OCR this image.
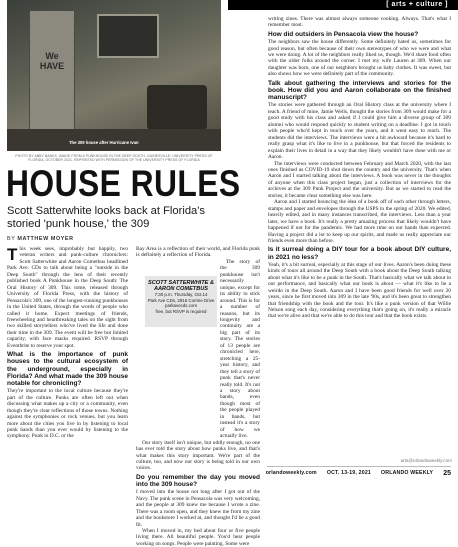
[ arts + culture ]
We
HAVE
The 309 house after Hurricane Ivan
PHOTO BY ABBY BANKS, IMAGE FROM A PUNKHOUSE IN THE DEEP SOUTH, GAINESVILLE: UNIVERSITY PRESS OF FLORIDA, OCTOBER 2021. REPRINTED WITH PERMISSION OF THE UNIVERSITY PRESS OF FLORIDA
HOUSE RULES
Scott Satterwhite looks back at Florida's storied 'punk house,' the 309
BY MATTHEW MOYER

This week sees, improbably but happily, two veteran writers and punk-culture chroniclers: Scott Satterwhite and Aaron Cometbus headlined Park Ave. CDs to talk about being a "outside in the Deep South" through the lens of their recently published book A Punkhouse in the Deep South: The Oral History of 309. This tome, released through University of Florida Press, with the history of Pensacola's 309, one of the longest-running punkhouses in the United States, through the words of people who called it home. Expect meetings of friends, freewheeling and heartbreaking tales on the sight from two skilled storytellers who've lived the life and done their time in the 309. The event will be free but limited capacity, with face masks required. RSVP through Eventbrite to reserve your spot.

What is the importance of punk houses to the cultural ecosystem of the underground, especially in Florida? And what made the 309 house notable for chronicling?

They're important to the local culture because they're part of the culture. Punks are often left out when discussing what makes up a city or a community, even though they're clear reflections of those towns. Nothing against the symphonies or rock venues, but you learn more about the cities you live in by listening to local punk bands than you ever would by listening to the symphony. Punk in D.C. or the

Bay Area is a reflection of their world, and Florida punk is definitely a reflection of Florida.

The story of the 309 punkhouse isn't necessarily unique, except for its ability to stick around. This is for a number of reasons, but its longevity and continuity are a big part of its story. The stories of 13 people are chronicled here, stretching a 25-year history, and they tell a story of punk that's never really told. It's not a story about bands, even though most of the people played in bands, but instead it's a story of how we actually live.

Our story itself isn't unique, but oddly enough, no one has ever told the story about how punks live, and that's what makes this story important. We're part of the culture, too, and now our story is being told in our own voices.

Do you remember the day you moved into the 309 house?

I moved into the house not long after I got out of the Navy. The punk scene in Pensacola was very welcoming, and the people at 309 knew me because I wrote a zine. There was a room open, and they knew me from my zine and the bookstore I worked at, and thought I'd be a good fit.

When I moved in, my bed about four or five people living there. All beautiful people. You'd hear people working on songs. People were painting. Some were

SCOTT SATTERWHITE &
AARON COMETBUS
7:30 p.m. Thursday, Oct.14
Park Ave CDs, 2916 Corrine Drive
parkavecds.com
free, but RSVP is required

writing zines. There was almost always someone cooking. Always. That's what I remember most.

How did outsiders in Pensacola view the house?

The neighbors saw the house differently. Some definitely hated us, sometimes for good reason, but often because of their own stereotypes of who we were and what we were doing. A lot of the neighbors really liked us, though. We'd share food often with the older folks around the corner. I met my wife Lauren at 309. When our daughter was born, one of our neighbors brought us baby clothes. It was sweet, but also shows how we were definitely part of the community.

Talk about gathering the interviews and stories for the book. How did you and Aaron collaborate on the finished manuscript?

The stories were gathered through an Oral History class at the university where I teach. A friend of mine, Jamie Wells, thought the stories from 309 would make for a good study with his class and asked if I could give him a diverse group of 309 alumni who would respond quickly to student writing on a deadline. I got in touch with people who'd kept in touch over the years, and it went easy to reach. The students did the interviews. The interviews were a bit awkward because it's hard to really grasp what it's like to live in a punkhouse, but that forced the residents to explain their lives in detail in a way that they likely wouldn't have done with me or Aaron.

The interviews were conducted between February and March 2020, with the last ones finished as COVID-19 shut down the country and the university. That's when Aaron and I started talking about the interviews. A book was never in the thoughts of anyone when this class project began, just a collection of interviews for the archives at the 309 Punk Project and the university. But as we started to read the stories, it became clear something else was here.

Aaron and I started bouncing the idea of a book off of each other through letters, stamps and paper and envelopes through the USPS in the spring of 2020. We edited, heavily edited, and in many instances transcribed, the interviews. Less than a year later, we have a book. It's really a pretty amazing process that likely wouldn't have happened if not for the pandemic. We had more time on our hands than expected. Having a project did a lot to keep up our spirits, and made us really appreciate our friends even more than before.

Is it surreal doing a DIY tour for a book about DIY culture, in 2021 no less?

Yeah, it's a bit surreal, especially at this stage of our lives. Aaron's been doing these kinds of tours all around the Deep South with a book about the Deep South talking about what it's like to be a punk in the South. That's basically what we talk about in our performance, and basically what our book is about — what it's like to be a weirdo in the Deep South. Aaron and I have been good friends for well over 20 years, since he first moved into 309 in the late '90s, and it's been great to strengthen that friendship with the book and the tour. It's like a punk version of that Willie Nelson song each day, considering everything that's going on, it's really a miracle that we're alive and that we're able to do this tour and that the book exists.

arts@orlandoweekly.com
orlandoweekly.com OCT. 13-19, 2021 ORLANDO WEEKLY 25
